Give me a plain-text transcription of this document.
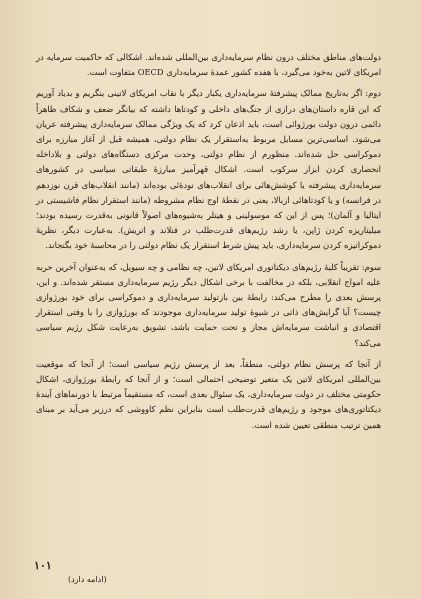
دولت‌های مناطق مختلف درون نظام سرمایه‌داری بین‌المللی شده‌اند. اشکالی که حاکمیت سرمایه در امریکای لاتین به‌خود می‌گیرد، با هفده کشور عمدهٔ سرمایه‌داری OECD متفاوت است.

دوم: اگر به‌تاریخ ممالک پیشرفتهٔ سرمایه‌داری یکبار دیگر با نقاب امریکای لاتینی بنگریم و بدیاد آوریم که این قاره داستان‌های درازی از جنگ‌های داخلی و کودتاها داشته که بیانگر ضعف و شکاف ظاهراً دائمی درون دولت بورژوائی است، باید اذعان کرد که یک ویژگی ممالک سرمایه‌داری پیشرفته عریان می‌شود. اساسی‌ترین مسایل مربوط به‌استقرار یک نظام دولتی، همیشه قبل از آغاز مبارزه برای دموکراسی حل شده‌اند. منظورم از نظام دولتی، وحدت مرکزی دستگاه‌های دولتی و بلاداخله انحصاری کردن ابزار سرکوب است. اشکال قهرآمیز مبارزهٔ طبقاتی سیاسی در کشورهای سرمایه‌داری پیشرفته یا کوشش‌هائی برای انقلاب‌های تودهٔ‌ئی بوده‌اند (مانند انقلاب‌های قرن نوزدهم در فرانسه) و یا کودتاهائی ازبالا، یعنی در نقطهٔ اوج نظام مشروطه (مانند استقرار نظام فاشیستی در ایتالیا و آلمان)؛ پس از این که موسولینی و هیتلر به‌شیوه‌های اصولاً قانونی به‌قدرت رسیده بودند؛ میلیتاریزه کردن ژاپن، یا رشد رژیم‌های قدرت‌طلب در فنلاند و اتریش). به‌عبارت دیگر، نظریهٔ دموکراتیزه کردن سرمایه‌داری، باید پیش شرط استقرار یک نظام دولتی را در محاسبهٔ خود بگنجاند.

سوم: تقریباً کلیهٔ رژیم‌های دیکتاتوری امریکای لاتین، چه نظامی و چه سیویل، که به‌عنوان آخرین حربه علیه امواج انقلابی، بلکه در مخالفت با برخی اشکال دیگر رژیم سرمایه‌داری مستقر شده‌اند. و این، پرسش بعدی را مطرح می‌کند: رابطهٔ بین بازتولید سرمایه‌داری و دموکراسی برای خود بورژوازی چیست؟ آیا گرایش‌های ذاتی در شیوهٔ تولید سرمایه‌داری موجودند که بورژوازی را با وفتی استقرار اقتصادی و انباشت سرمایه‌اش مجاز و تحت حمایت باشد، تشویق به‌رعایت شکل رژیم سیاسی می‌کند؟

از آنجا که پرسش نظام دولتی، منطقاً، بعد از پرسش رژیم سیاسی است؛ از آنجا که موقعیت بین‌المللی امریکای لاتین یک متغیر توضیحی احتمالی است؛ و از آنجا که رابطهٔ بورژوازی، اشکال حکومتی مختلف در دولت سرمایه‌داری، یک سئوال بعدی است، که مستقیماً مرتبط با دورنماهای آیندهٔ دیکتاتوری‌های موجود و رژیم‌های قدرت‌طلب است بنابراین نظم کاووشی که درزیر می‌آید بر مبنای همین ترتیب منطقی تعیین شده است.

۱۰۱
(ادامه دارد)
